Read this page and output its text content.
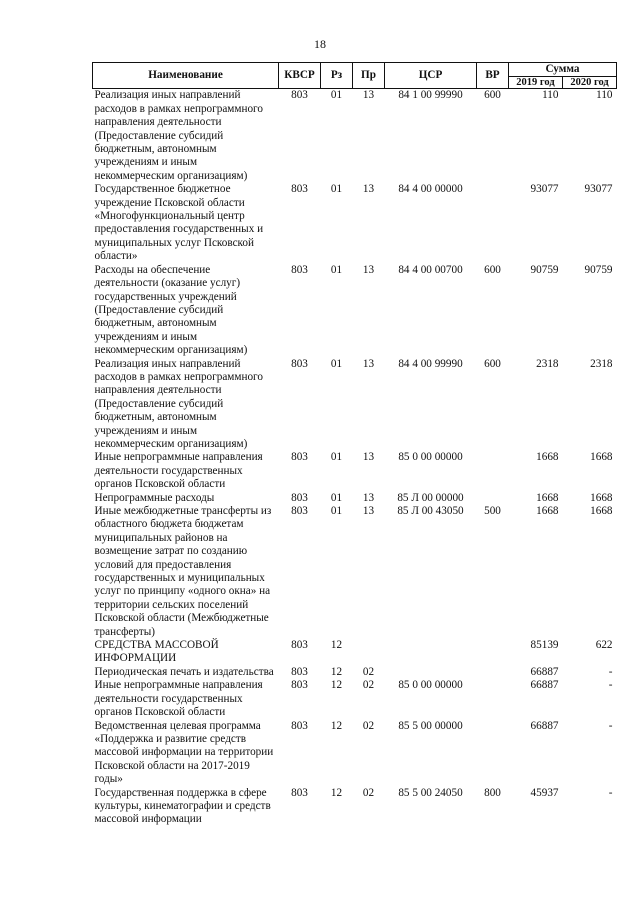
18
Наименование	КВСР	Рз	Пр	ЦСР	ВР	Сумма	
						2019 год	2020 год
Реализация иных направлений расходов в рамках непрограммного направления деятельности (Предоставление субсидий бюджетным, автономным учреждениям и иным некоммерческим организациям)	803	01	13	84 1 00 99990	600	110	110
Государственное бюджетное учреждение Псковской области «Многофункциональный центр предоставления государственных и муниципальных услуг Псковской области»	803	01	13	84 4 00 00000		93077	93077
Расходы на обеспечение деятельности (оказание услуг) государственных учреждений (Предоставление субсидий бюджетным, автономным учреждениям и иным некоммерческим организациям)	803	01	13	84 4 00 00700	600	90759	90759
Реализация иных направлений расходов в рамках непрограммного направления деятельности (Предоставление субсидий бюджетным, автономным учреждениям и иным некоммерческим организациям)	803	01	13	84 4 00 99990	600	2318	2318
Иные непрограммные направления деятельности государственных органов Псковской области	803	01	13	85 0 00 00000		1668	1668
Непрограммные расходы	803	01	13	85 Л 00 00000		1668	1668
Иные межбюджетные трансферты из областного бюджета бюджетам муниципальных районов на возмещение затрат по созданию условий для предоставления государственных и муниципальных услуг по принципу «одного окна» на территории сельских поселений Псковской области (Межбюджетные трансферты)	803	01	13	85 Л 00 43050	500	1668	1668
СРЕДСТВА МАССОВОЙ ИНФОРМАЦИИ	803	12				85139	622
Периодическая печать и издательства	803	12	02			66887	-
Иные непрограммные направления деятельности государственных органов Псковской области	803	12	02	85 0 00 00000		66887	-
Ведомственная целевая программа «Поддержка и развитие средств массовой информации на территории Псковской области на 2017-2019 годы»	803	12	02	85 5 00 00000		66887	-
Государственная поддержка в сфере культуры, кинематографии и средств массовой информации	803	12	02	85 5 00 24050	800	45937	-
